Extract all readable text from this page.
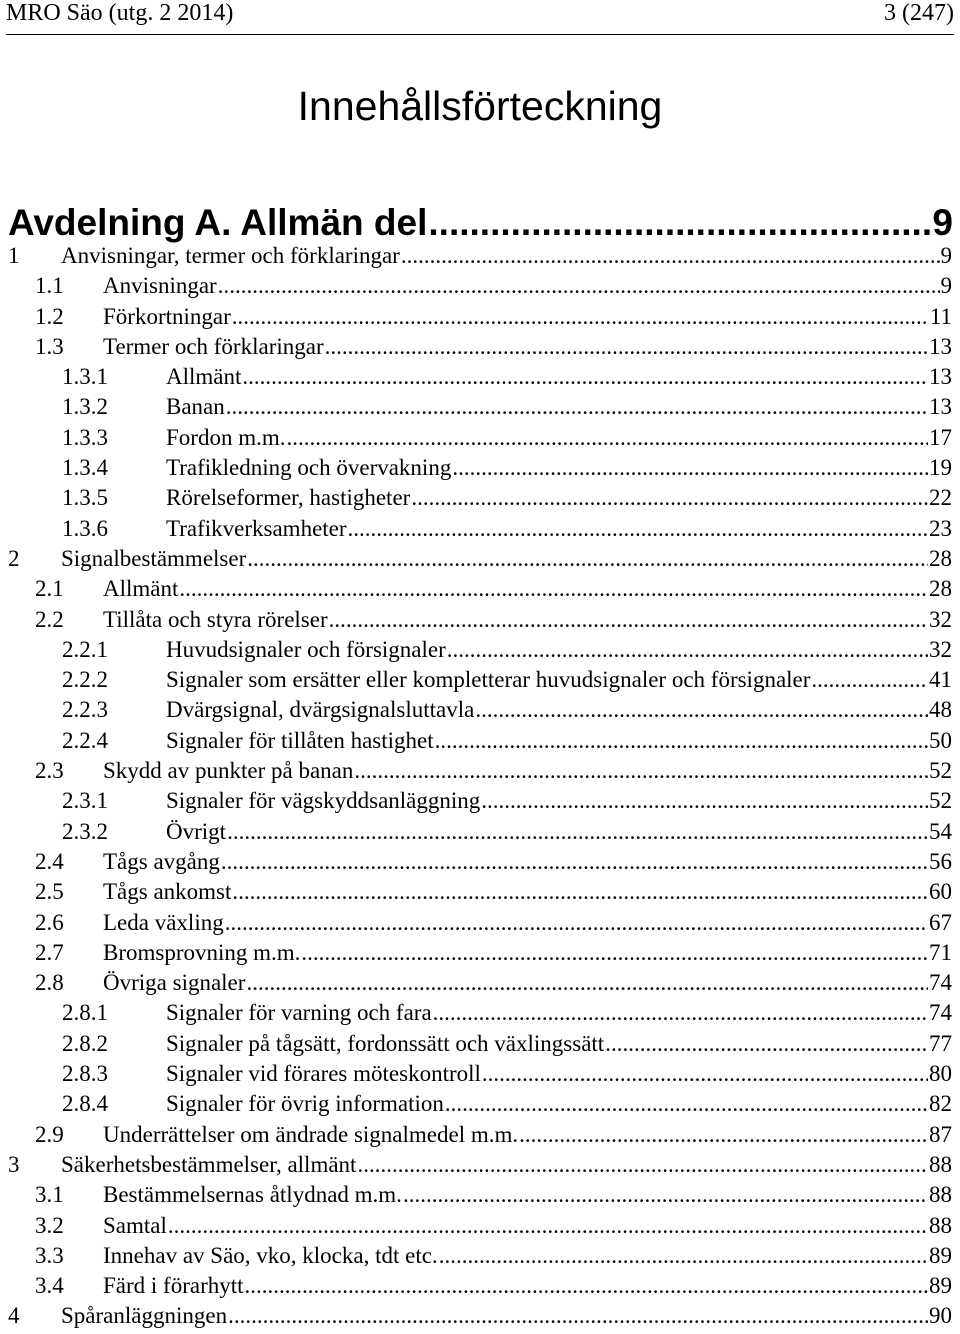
MRO Säo (utg. 2 2014)	3 (247)
Innehållsförteckning
Avdelning A. Allmän del .....	9
1	Anvisningar, termer och förklaringar .....	9
1.1	Anvisningar .....	9
1.2	Förkortningar .....	11
1.3	Termer och förklaringar .....	13
1.3.1	Allmänt .....	13
1.3.2	Banan .....	13
1.3.3	Fordon m.m. .....	17
1.3.4	Trafikledning och övervakning .....	19
1.3.5	Rörelseformer, hastigheter .....	22
1.3.6	Trafikverksamheter .....	23
2	Signalbestämmelser .....	28
2.1	Allmänt .....	28
2.2	Tillåta och styra rörelser .....	32
2.2.1	Huvudsignaler och försignaler .....	32
2.2.2	Signaler som ersätter eller kompletterar huvudsignaler och försignaler .....	41
2.2.3	Dvärgsignal, dvärgsignalsluttavla .....	48
2.2.4	Signaler för tillåten hastighet .....	50
2.3	Skydd av punkter på banan .....	52
2.3.1	Signaler för vägskyddsanläggning .....	52
2.3.2	Övrigt .....	54
2.4	Tågs avgång .....	56
2.5	Tågs ankomst .....	60
2.6	Leda växling .....	67
2.7	Bromsprovning m.m. .....	71
2.8	Övriga signaler .....	74
2.8.1	Signaler för varning och fara .....	74
2.8.2	Signaler på tågsätt, fordonssätt och växlingssätt .....	77
2.8.3	Signaler vid förares möteskontroll .....	80
2.8.4	Signaler för övrig information .....	82
2.9	Underrättelser om ändrade signalmedel m.m. .....	87
3	Säkerhetsbestämmelser, allmänt .....	88
3.1	Bestämmelsernas åtlydnad m.m. .....	88
3.2	Samtal .....	88
3.3	Innehav av Säo, vko, klocka, tdt etc. .....	89
3.4	Färd i förarhytt .....	89
4	Spåranläggningen .....	90
